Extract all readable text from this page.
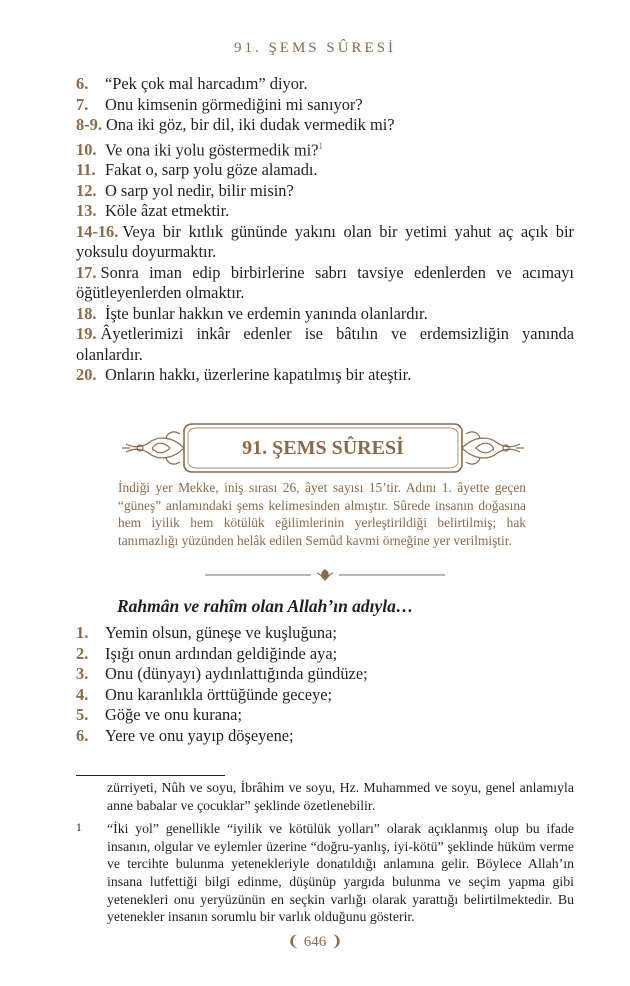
91. ŞEMS SÛRESİ
6. “Pek çok mal harcadım” diyor.
7. Onu kimsenin görmediğini mi sanıyor?
8-9. Ona iki göz, bir dil, iki dudak vermedik mi?
10. Ve ona iki yolu göstermedik mi?$^1$
11. Fakat o, sarp yolu göze alamadı.
12. O sarp yol nedir, bilir misin?
13. Köle âzat etmektir.
14-16. Veya bir kıtlık gününde yakını olan bir yetimi yahut aç açık bir yoksulu doyurmaktır.
17. Sonra iman edip birbirlerine sabrı tavsiye edenlerden ve acımayı öğütleyenlerden olmaktır.
18. İşte bunlar hakkın ve erdemin yanında olanlardır.
19. Âyetlerimizi inkâr edenler ise bâtılın ve erdemsizliğin yanında olanlardır.
20. Onların hakkı, üzerlerine kapatılmış bir ateştir.
91. ŞEMS SÛRESİ
İndiği yer Mekke, iniş sırası 26, âyet sayısı 15’tir. Adını 1. âyette geçen “güneş” anlamındaki şems kelimesinden almıştır. Sûrede insanın doğasına hem iyilik hem kötülük eğilimlerinin yerleştirildiği belirtilmiş; hak tanımazlığı yüzünden helâk edilen Semûd kavmi örneğine yer verilmiştir.
Rahmân ve rahîm olan Allah’ın adıyla…
1. Yemin olsun, güneşe ve kuşluğuna;
2. Işığı onun ardından geldiğinde aya;
3. Onu (dünyayı) aydınlattığında gündüze;
4. Onu karanlıkla örttüğünde geceye;
5. Göğe ve onu kurana;
6. Yere ve onu yayıp döşeyene;
zürriyeti, Nûh ve soyu, İbrâhim ve soyu, Hz. Muhammed ve soyu, genel anlamıyla anne babalar ve çocuklar” şeklinde özetlenebilir.
1 “İki yol” genellikle “iyilik ve kötülük yolları” olarak açıklanmış olup bu ifade insanın, olgular ve eylemler üzerine “doğru-yanlış, iyi-kötü” şeklinde hüküm verme ve tercihte bulunma yetenekleriyle donatıldığı anlamına gelir. Böylece Allah’ın insana lutfettiği bilgi edinme, düşünüp yargıda bulunma ve seçim yapma gibi yetenekleri onu yeryüzünün en seçkin varlığı olarak yarattığı belirtilmektedir. Bu yetenekler insanın sorumlu bir varlık olduğunu gösterir.
❨ 646 ❩
